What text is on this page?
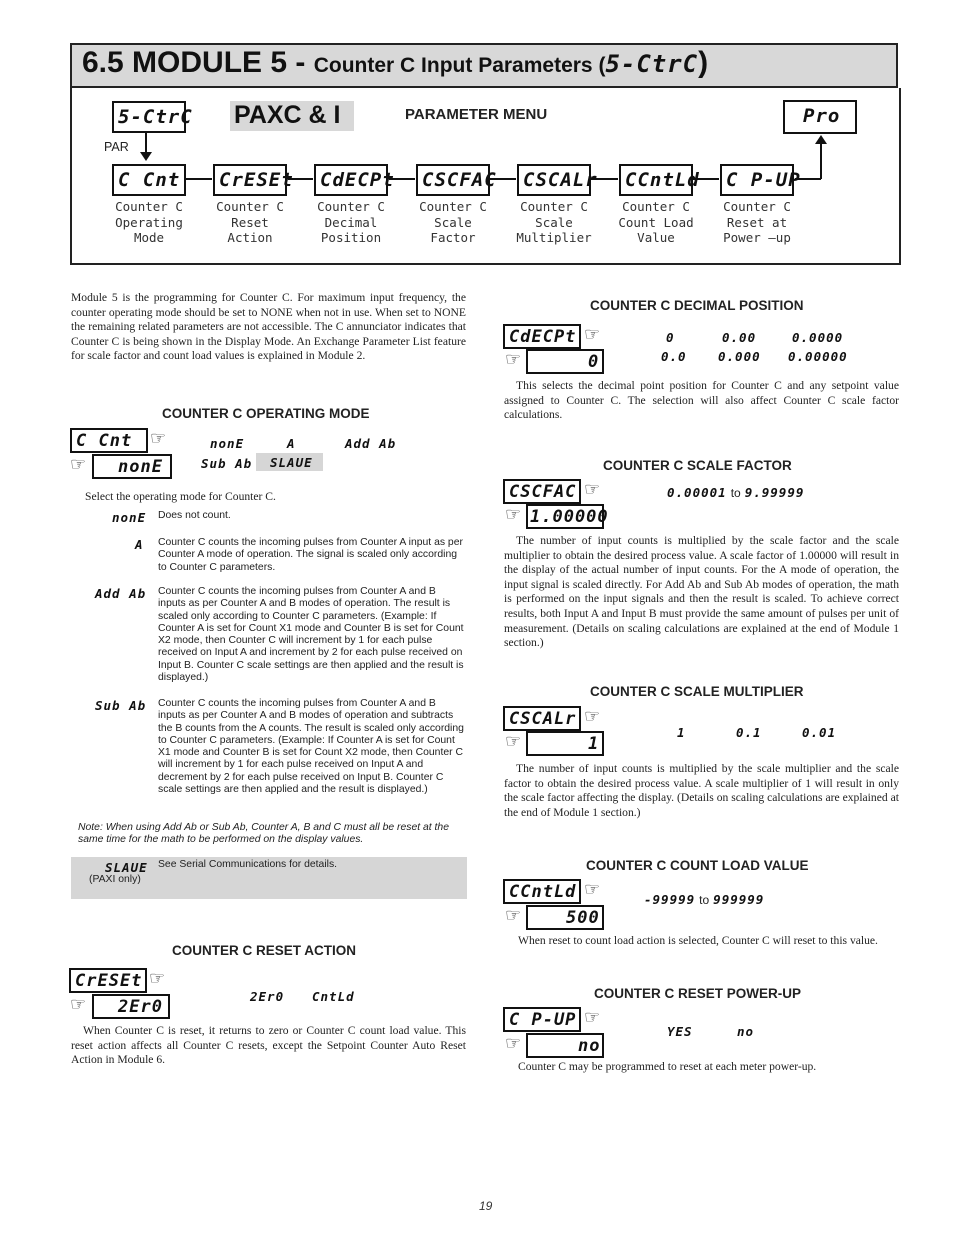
6.5 MODULE 5 - Counter C Input Parameters (5-CtrC)
5-CtrC PAXC & I	PARAMETER MENU	Pro
PAR
C Cnt
Counter C
Operating
Mode
CrESEt
Counter C
Reset
Action
CdECPt
Counter C
Decimal
Position
CSCFAC
Counter C
Scale
Factor
CSCALr
Counter C
Scale
Multiplier
CCntLd
Counter C
Count Load
Value
C P-UP
Counter C
Reset at
Power –up
Module 5 is the programming for Counter C. For maximum input frequency, the counter operating mode should be set to NONE when not in use. When set to NONE the remaining related parameters are not accessible. The C annunciator indicates that Counter C is being shown in the Display Mode. An Exchange Parameter List feature for scale factor and count load values is explained in Module 2.
COUNTER C OPERATING MODE
C Cnt ☞
☞ nonE
nonE	A	Add Ab
Sub Ab SLAUE
Select the operating mode for Counter C.
nonE Does not count.
A Counter C counts the incoming pulses from Counter A input as per Counter A mode of operation. The signal is scaled only according to Counter C parameters.
Add Ab Counter C counts the incoming pulses from Counter A and B inputs as per Counter A and B modes of operation. The result is scaled only according to Counter C parameters. (Example: If Counter A is set for Count X1 mode and Counter B is set for Count X2 mode, then Counter C will increment by 1 for each pulse received on Input A and increment by 2 for each pulse received on Input B. Counter C scale settings are then applied and the result is displayed.)
Sub Ab Counter C counts the incoming pulses from Counter A and B inputs as per Counter A and B modes of operation and subtracts the B counts from the A counts. The result is scaled only according to Counter C parameters. (Example: If Counter A is set for Count X1 mode and Counter B is set for Count X2 mode, then Counter C will increment by 1 for each pulse received on Input A and decrement by 2 for each pulse received on Input B. Counter C scale settings are then applied and the result is displayed.)
Note: When using Add Ab or Sub Ab, Counter A, B and C must all be reset at the same time for the math to be performed on the display values.
SLAUE
(PAXI only)
See Serial Communications for details.
COUNTER C RESET ACTION
CrESEt ☞
☞ 2Er0
2Er0 CntLd
When Counter C is reset, it returns to zero or Counter C count load value. This reset action affects all Counter C resets, except the Setpoint Counter Auto Reset Action in Module 6.
COUNTER C DECIMAL POSITION
CdECPt ☞
☞	0
0	0.00	0.0000
0.0	0.000 0.00000
This selects the decimal point position for Counter C and any setpoint value assigned to Counter C. The selection will also affect Counter C scale factor calculations.
COUNTER C SCALE FACTOR
CSCFAC ☞
☞ 1.00000
0.00001 to 9.99999
The number of input counts is multiplied by the scale factor and the scale multiplier to obtain the desired process value. A scale factor of 1.00000 will result in the display of the actual number of input counts. For the A mode of operation, the input signal is scaled directly. For Add Ab and Sub Ab modes of operation, the math is performed on the input signals and then the result is scaled. To achieve correct results, both Input A and Input B must provide the same amount of pulses per unit of measurement. (Details on scaling calculations are explained at the end of Module 1 section.)
COUNTER C SCALE MULTIPLIER
CSCALr ☞
☞	1
1	0.1	0.01
The number of input counts is multiplied by the scale multiplier and the scale factor to obtain the desired process value. A scale multiplier of 1 will result in only the scale factor affecting the display. (Details on scaling calculations are explained at the end of Module 1 section.)
COUNTER C COUNT LOAD VALUE
CCntLd ☞
☞	500
-99999 to 999999
When reset to count load action is selected, Counter C will reset to this value.
COUNTER C RESET POWER-UP
C P-UP ☞
☞	no
YES	no
Counter C may be programmed to reset at each meter power-up.
19
